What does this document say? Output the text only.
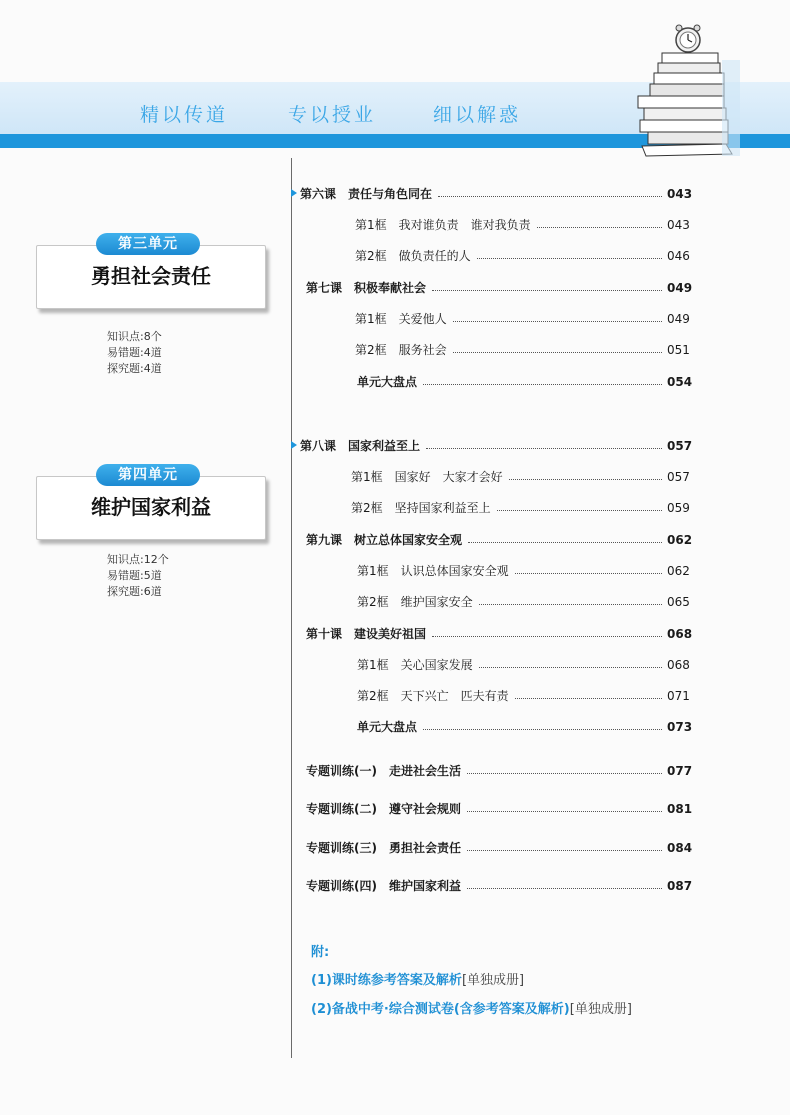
精以传道	专以授业	细以解惑
勇担社会责任
第三单元
知识点:8个
易错题:4道
探究题:4道
维护国家利益
第四单元
知识点:12个
易错题:5道
探究题:6道
第六课　责任与角色同在	043
第1框　我对谁负责　谁对我负责	043
第2框　做负责任的人	046
第七课　积极奉献社会	049
第1框　关爱他人	049
第2框　服务社会	051
单元大盘点	054
第八课　国家利益至上	057
第1框　国家好　大家才会好	057
第2框　坚持国家利益至上	059
第九课　树立总体国家安全观	062
第1框　认识总体国家安全观	062
第2框　维护国家安全	065
第十课　建设美好祖国	068
第1框　关心国家发展	068
第2框　天下兴亡　匹夫有责	071
单元大盘点	073
专题训练(一)　走进社会生活	077
专题训练(二)　遵守社会规则	081
专题训练(三)　勇担社会责任	084
专题训练(四)　维护国家利益	087
附:
(1)课时练参考答案及解析[单独成册]
(2)备战中考·综合测试卷(含参考答案及解析)[单独成册]
